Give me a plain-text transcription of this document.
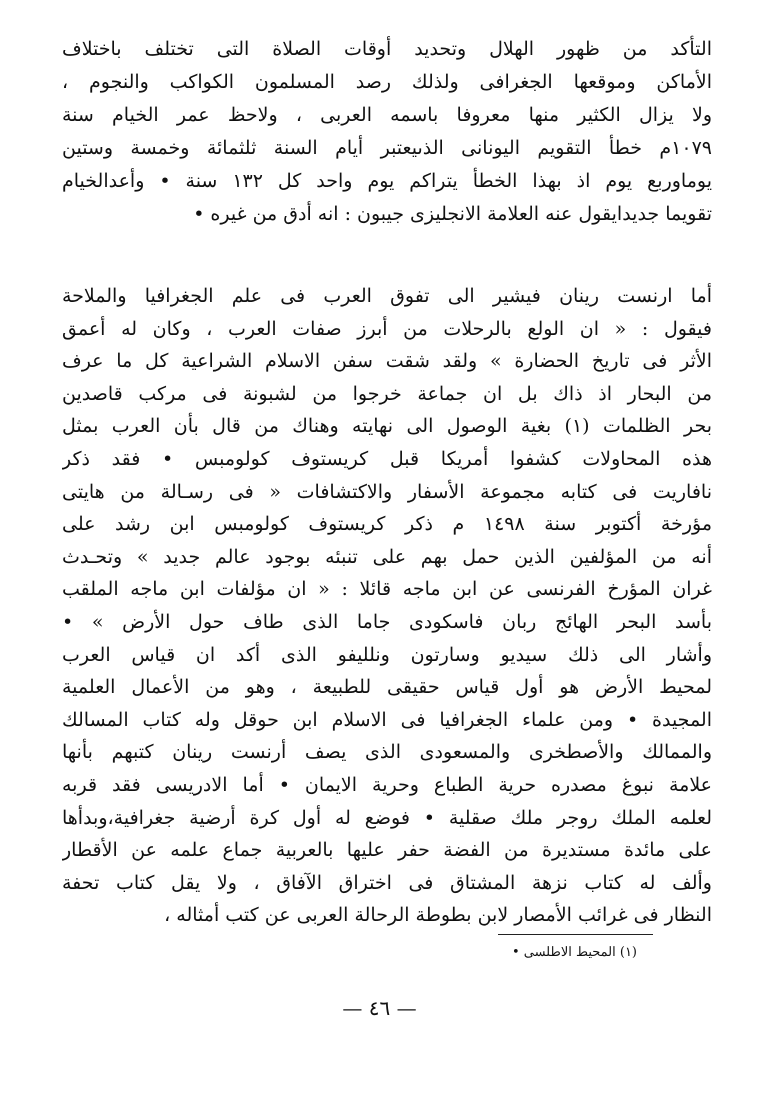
التأكد من ظهور الهلال وتحديد أوقات الصلاة التى تختلف باختلاف
الأماكن وموقعها الجغرافى ولذلك رصد المسلمون الكواكب والنجوم ،
ولا يزال الكثير منها معروفا باسمه العربى ، ولاحظ عمر الخيام سنة
١٠٧٩م خطأ التقويم اليونانى الذىيعتبر أيام السنة ثلثمائة وخمسة وستين
يوماوربع يوم اذ بهذا الخطأ يتراكم يوم واحد كل ١٣٢ سنة • وأعدالخيام
تقويما جديدايقول عنه العلامة الانجليزى جيبون : انه أدق من غيره •
أما ارنست رينان فيشير الى تفوق العرب فى علم الجغرافيا والملاحة
فيقول : « ان الولع بالرحلات من أبرز صفات العرب ، وكان له أعمق
الأثر فى تاريخ الحضارة » ولقد شقت سفن الاسلام الشراعية كل ما عرف
من البحار اذ ذاك بل ان جماعة خرجوا من لشبونة فى مركب قاصدين
بحر الظلمات (١) بغية الوصول الى نهايته وهناك من قال بأن العرب بمثل
هذه المحاولات كشفوا أمريكا قبل كريستوف كولومبس • فقد ذكر
نافاريت فى كتابه مجموعة الأسفار والاكتشافات « فى رسـالة من هايتى
مؤرخة أكتوبر سنة ١٤٩٨ م ذكر كريستوف كولومبس ابن رشد على
أنه من المؤلفين الذين حمل بهم على تنبئه بوجود عالم جديد » وتحـدث
غران المؤرخ الفرنسى عن ابن ماجه قائلا : « ان مؤلفات ابن ماجه الملقب
بأسد البحر الهائج ربان فاسكودى جاما الذى طاف حول الأرض » •
وأشار الى ذلك سيديو وسارتون ونلليفو الذى أكد ان قياس العرب
لمحيط الأرض هو أول قياس حقيقى للطبيعة ، وهو من الأعمال العلمية
المجيدة • ومن علماء الجغرافيا فى الاسلام ابن حوقل وله كتاب المسالك
والممالك والأصطخرى والمسعودى الذى يصف أرنست رينان كتبهم بأنها
علامة نبوغ مصدره حرية الطباع وحرية الايمان • أما الادريسى فقد قربه
لعلمه الملك روجر ملك صقلية • فوضع له أول كرة أرضية جغرافية،وبدأها
على مائدة مستديرة من الفضة حفر عليها بالعربية جماع علمه عن الأقطار
وألف له كتاب نزهة المشتاق فى اختراق الآفاق ، ولا يقل كتاب تحفة
النظار فى غرائب الأمصار لابن بطوطة الرحالة العربى عن كتب أمثاله ،
(١) المحيط الاطلسى •
— ٤٦ —
